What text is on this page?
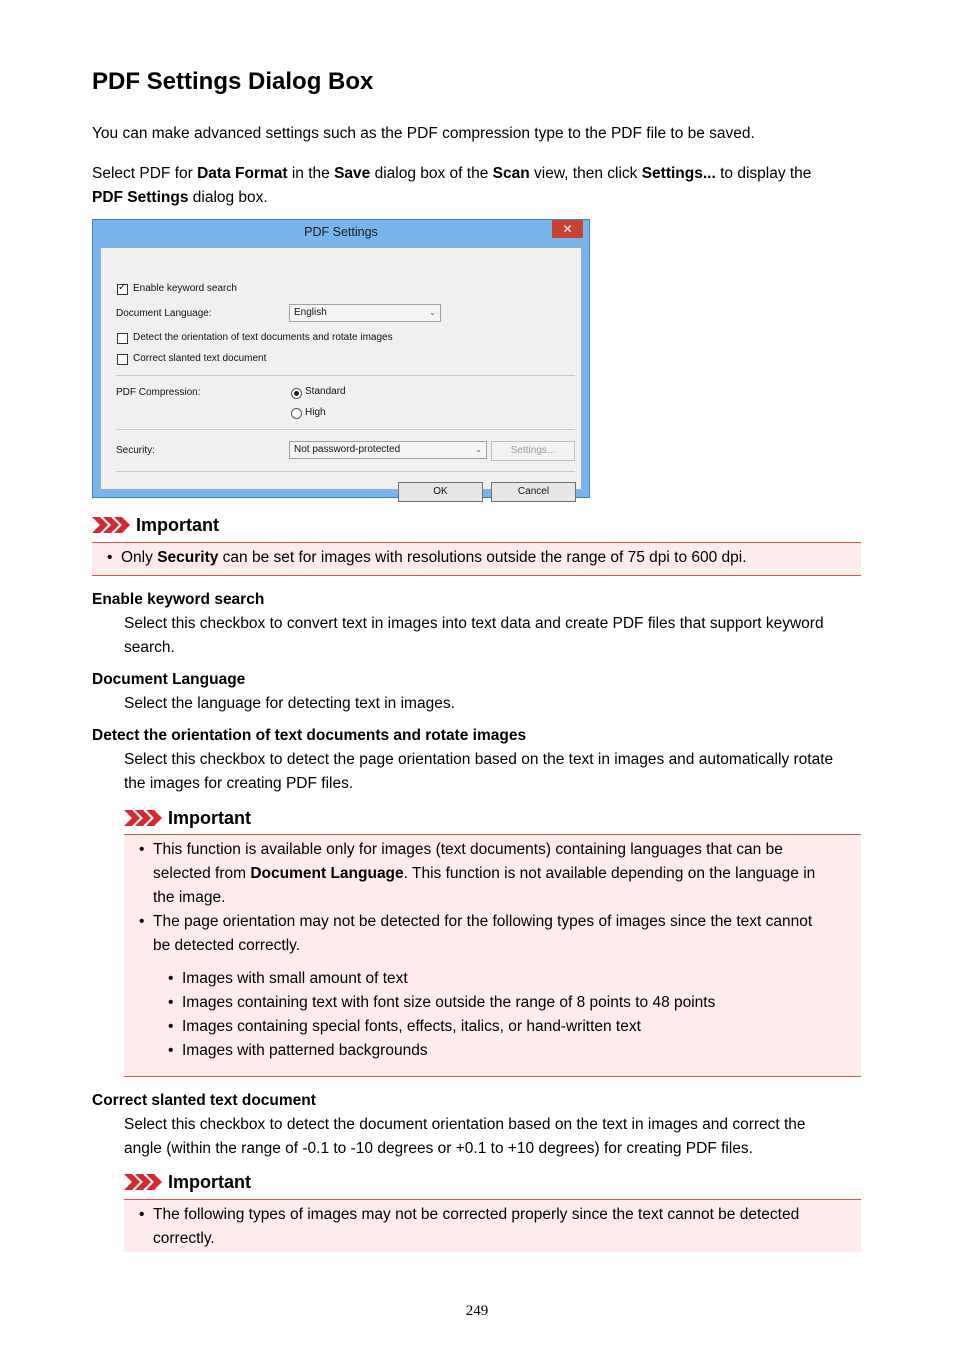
PDF Settings Dialog Box

You can make advanced settings such as the PDF compression type to the PDF file to be saved.

Select PDF for Data Format in the Save dialog box of the Scan view, then click Settings... to display the
PDF Settings dialog box.

PDF Settings	✕
✓
Enable keyword search
Document Language:	English	⌄
Detect the orientation of text documents and rotate images
Correct slanted text document
PDF Compression:	Standard
High
Security:	Not password-protected	⌄	Settings...
OK	Cancel
Important
• Only Security can be set for images with resolutions outside the range of 75 dpi to 600 dpi.
Enable keyword search
Select this checkbox to convert text in images into text data and create PDF files that support keyword
search.
Document Language
Select the language for detecting text in images.
Detect the orientation of text documents and rotate images
Select this checkbox to detect the page orientation based on the text in images and automatically rotate
the images for creating PDF files.
Important
• This function is available only for images (text documents) containing languages that can be
selected from Document Language. This function is not available depending on the language in
the image.
• The page orientation may not be detected for the following types of images since the text cannot
be detected correctly.
• Images with small amount of text
• Images containing text with font size outside the range of 8 points to 48 points
• Images containing special fonts, effects, italics, or hand-written text
• Images with patterned backgrounds
Correct slanted text document
Select this checkbox to detect the document orientation based on the text in images and correct the
angle (within the range of -0.1 to -10 degrees or +0.1 to +10 degrees) for creating PDF files.
Important
• The following types of images may not be corrected properly since the text cannot be detected
correctly.
249
